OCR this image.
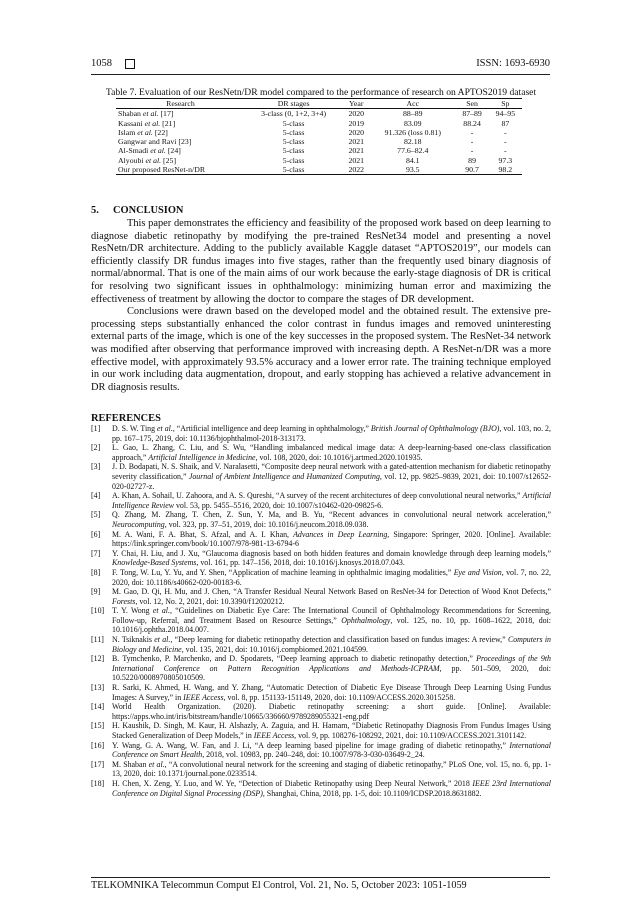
1058	ISSN: 1693-6930
Table 7. Evaluation of our ResNetn/DR model compared to the performance of research on APTOS2019 dataset
Research	DR stages	Year	Acc	Sen	Sp
Shaban et al. [17]	3-class (0, 1+2, 3+4)	2020	88–89	87–89	94–95
Kassani et al. [21]	5-class	2019	83.09	88.24	87
Islam et al. [22]	5-class	2020	91.326 (loss 0.81)	-	-
Gangwar and Ravi [23]	5-class	2021	82.18	-	-
Al-Smadi et al. [24]	5-class	2021	77.6–82.4	-	-
Alyoubi et al. [25]	5-class	2021	84.1	89	97.3
Our proposed ResNet-n/DR	5-class	2022	93.5	90.7	98.2
5. CONCLUSION

This paper demonstrates the efficiency and feasibility of the proposed work based on deep learning to diagnose diabetic retinopathy by modifying the pre-trained ResNet34 model and presenting a novel ResNetn/DR architecture. Adding to the publicly available Kaggle dataset “APTOS2019”, our models can efficiently classify DR fundus images into five stages, rather than the frequently used binary diagnosis of normal/abnormal. That is one of the main aims of our work because the early-stage diagnosis of DR is critical for resolving two significant issues in ophthalmology: minimizing human error and maximizing the effectiveness of treatment by allowing the doctor to compare the stages of DR development.

Conclusions were drawn based on the developed model and the obtained result. The extensive pre-processing steps substantially enhanced the color contrast in fundus images and removed uninteresting external parts of the image, which is one of the key successes in the proposed system. The ResNet-34 network was modified after observing that performance improved with increasing depth. A ResNet-n/DR was a more effective model, with approximately 93.5% accuracy and a lower error rate. The training technique employed in our work including data augmentation, dropout, and early stopping has achieved a relative advancement in DR diagnosis results.

REFERENCES
[1]	D. S. W. Ting et al., “Artificial intelligence and deep learning in ophthalmology,” British Journal of Ophthalmology (BJO), vol. 103, no. 2, pp. 167–175, 2019, doi: 10.1136/bjophthalmol-2018-313173.
[2]	L. Gao, L. Zhang, C. Liu, and S. Wu, “Handling imbalanced medical image data: A deep-learning-based one-class classification approach,” Artificial Intelligence in Medicine, vol. 108, 2020, doi: 10.1016/j.artmed.2020.101935.
[3]	J. D. Bodapati, N. S. Shaik, and V. Naralasetti, “Composite deep neural network with a gated-attention mechanism for diabetic retinopathy severity classification,” Journal of Ambient Intelligence and Humanized Computing, vol. 12, pp. 9825–9839, 2021, doi: 10.1007/s12652-020-02727-z.
[4]	A. Khan, A. Sohail, U. Zahoora, and A. S. Qureshi, “A survey of the recent architectures of deep convolutional neural networks,” Artificial Intelligence Review vol. 53, pp. 5455–5516, 2020, doi: 10.1007/s10462-020-09825-6.
[5]	Q. Zhang, M. Zhang, T. Chen, Z. Sun, Y. Ma, and B. Yu, “Recent advances in convolutional neural network acceleration,” Neurocomputing, vol. 323, pp. 37–51, 2019, doi: 10.1016/j.neucom.2018.09.038.
[6]	M. A. Wani, F. A. Bhat, S. Afzal, and A. I. Khan, Advances in Deep Learning, Singapore: Springer, 2020. [Online]. Available: https://link.springer.com/book/10.1007/978-981-13-6794-6
[7]	Y. Chai, H. Liu, and J. Xu, “Glaucoma diagnosis based on both hidden features and domain knowledge through deep learning models,” Knowledge-Based Systems, vol. 161, pp. 147–156, 2018, doi: 10.1016/j.knosys.2018.07.043.
[8]	F. Tong, W. Lu, Y. Yu, and Y. Shen, “Application of machine learning in ophthalmic imaging modalities,” Eye and Vision, vol. 7, no. 22, 2020, doi: 10.1186/s40662-020-00183-6.
[9]	M. Gao, D. Qi, H. Mu, and J. Chen, “A Transfer Residual Neural Network Based on ResNet-34 for Detection of Wood Knot Defects,” Forests, vol. 12, No. 2, 2021, doi: 10.3390/f12020212.
[10] T. Y. Wong et al., “Guidelines on Diabetic Eye Care: The International Council of Ophthalmology Recommendations for Screening, Follow-up, Referral, and Treatment Based on Resource Settings,” Ophthalmology, vol. 125, no. 10, pp. 1608–1622, 2018, doi: 10.1016/j.ophtha.2018.04.007.
[11]	N. Tsiknakis et al., “Deep learning for diabetic retinopathy detection and classification based on fundus images: A review,” Computers in Biology and Medicine, vol. 135, 2021, doi: 10.1016/j.compbiomed.2021.104599.
[12] B. Tymchenko, P. Marchenko, and D. Spodarets, “Deep learning approach to diabetic retinopathy detection,” Proceedings of the 9th International Conference on Pattern Recognition Applications and Methods-ICPRAM, pp. 501–509, 2020, doi: 10.5220/0008970805010509.
[13] R. Sarki, K. Ahmed, H. Wang, and Y. Zhang, “Automatic Detection of Diabetic Eye Disease Through Deep Learning Using Fundus Images: A Survey,” in IEEE Access, vol. 8, pp. 151133-151149, 2020, doi: 10.1109/ACCESS.2020.3015258.
[14] World Health Organization. (2020). Diabetic retinopathy screening: a short guide. [Online]. Available: https://apps.who.int/iris/bitstream/handle/10665/336660/9789289055321-eng.pdf
[15] H. Kaushik, D. Singh, M. Kaur, H. Alshazly, A. Zaguia, and H. Hamam, “Diabetic Retinopathy Diagnosis From Fundus Images Using Stacked Generalization of Deep Models,” in IEEE Access, vol. 9, pp. 108276-108292, 2021, doi: 10.1109/ACCESS.2021.3101142.
[16] Y. Wang, G. A. Wang, W. Fan, and J. Li, “A deep learning based pipeline for image grading of diabetic retinopathy,” International Conference on Smart Health, 2018, vol. 10983, pp. 240–248, doi: 10.1007/978-3-030-03649-2_24.
[17] M. Shaban et al., “A convolutional neural network for the screening and staging of diabetic retinopathy,” PLoS One, vol. 15, no. 6, pp. 1-13, 2020, doi: 10.1371/journal.pone.0233514.
[18] H. Chen, X. Zeng, Y. Luo, and W. Ye, “Detection of Diabetic Retinopathy using Deep Neural Network,” 2018 IEEE 23rd International Conference on Digital Signal Processing (DSP), Shanghai, China, 2018, pp. 1-5, doi: 10.1109/ICDSP.2018.8631882.
TELKOMNIKA Telecommun Comput El Control, Vol. 21, No. 5, October 2023: 1051-1059
